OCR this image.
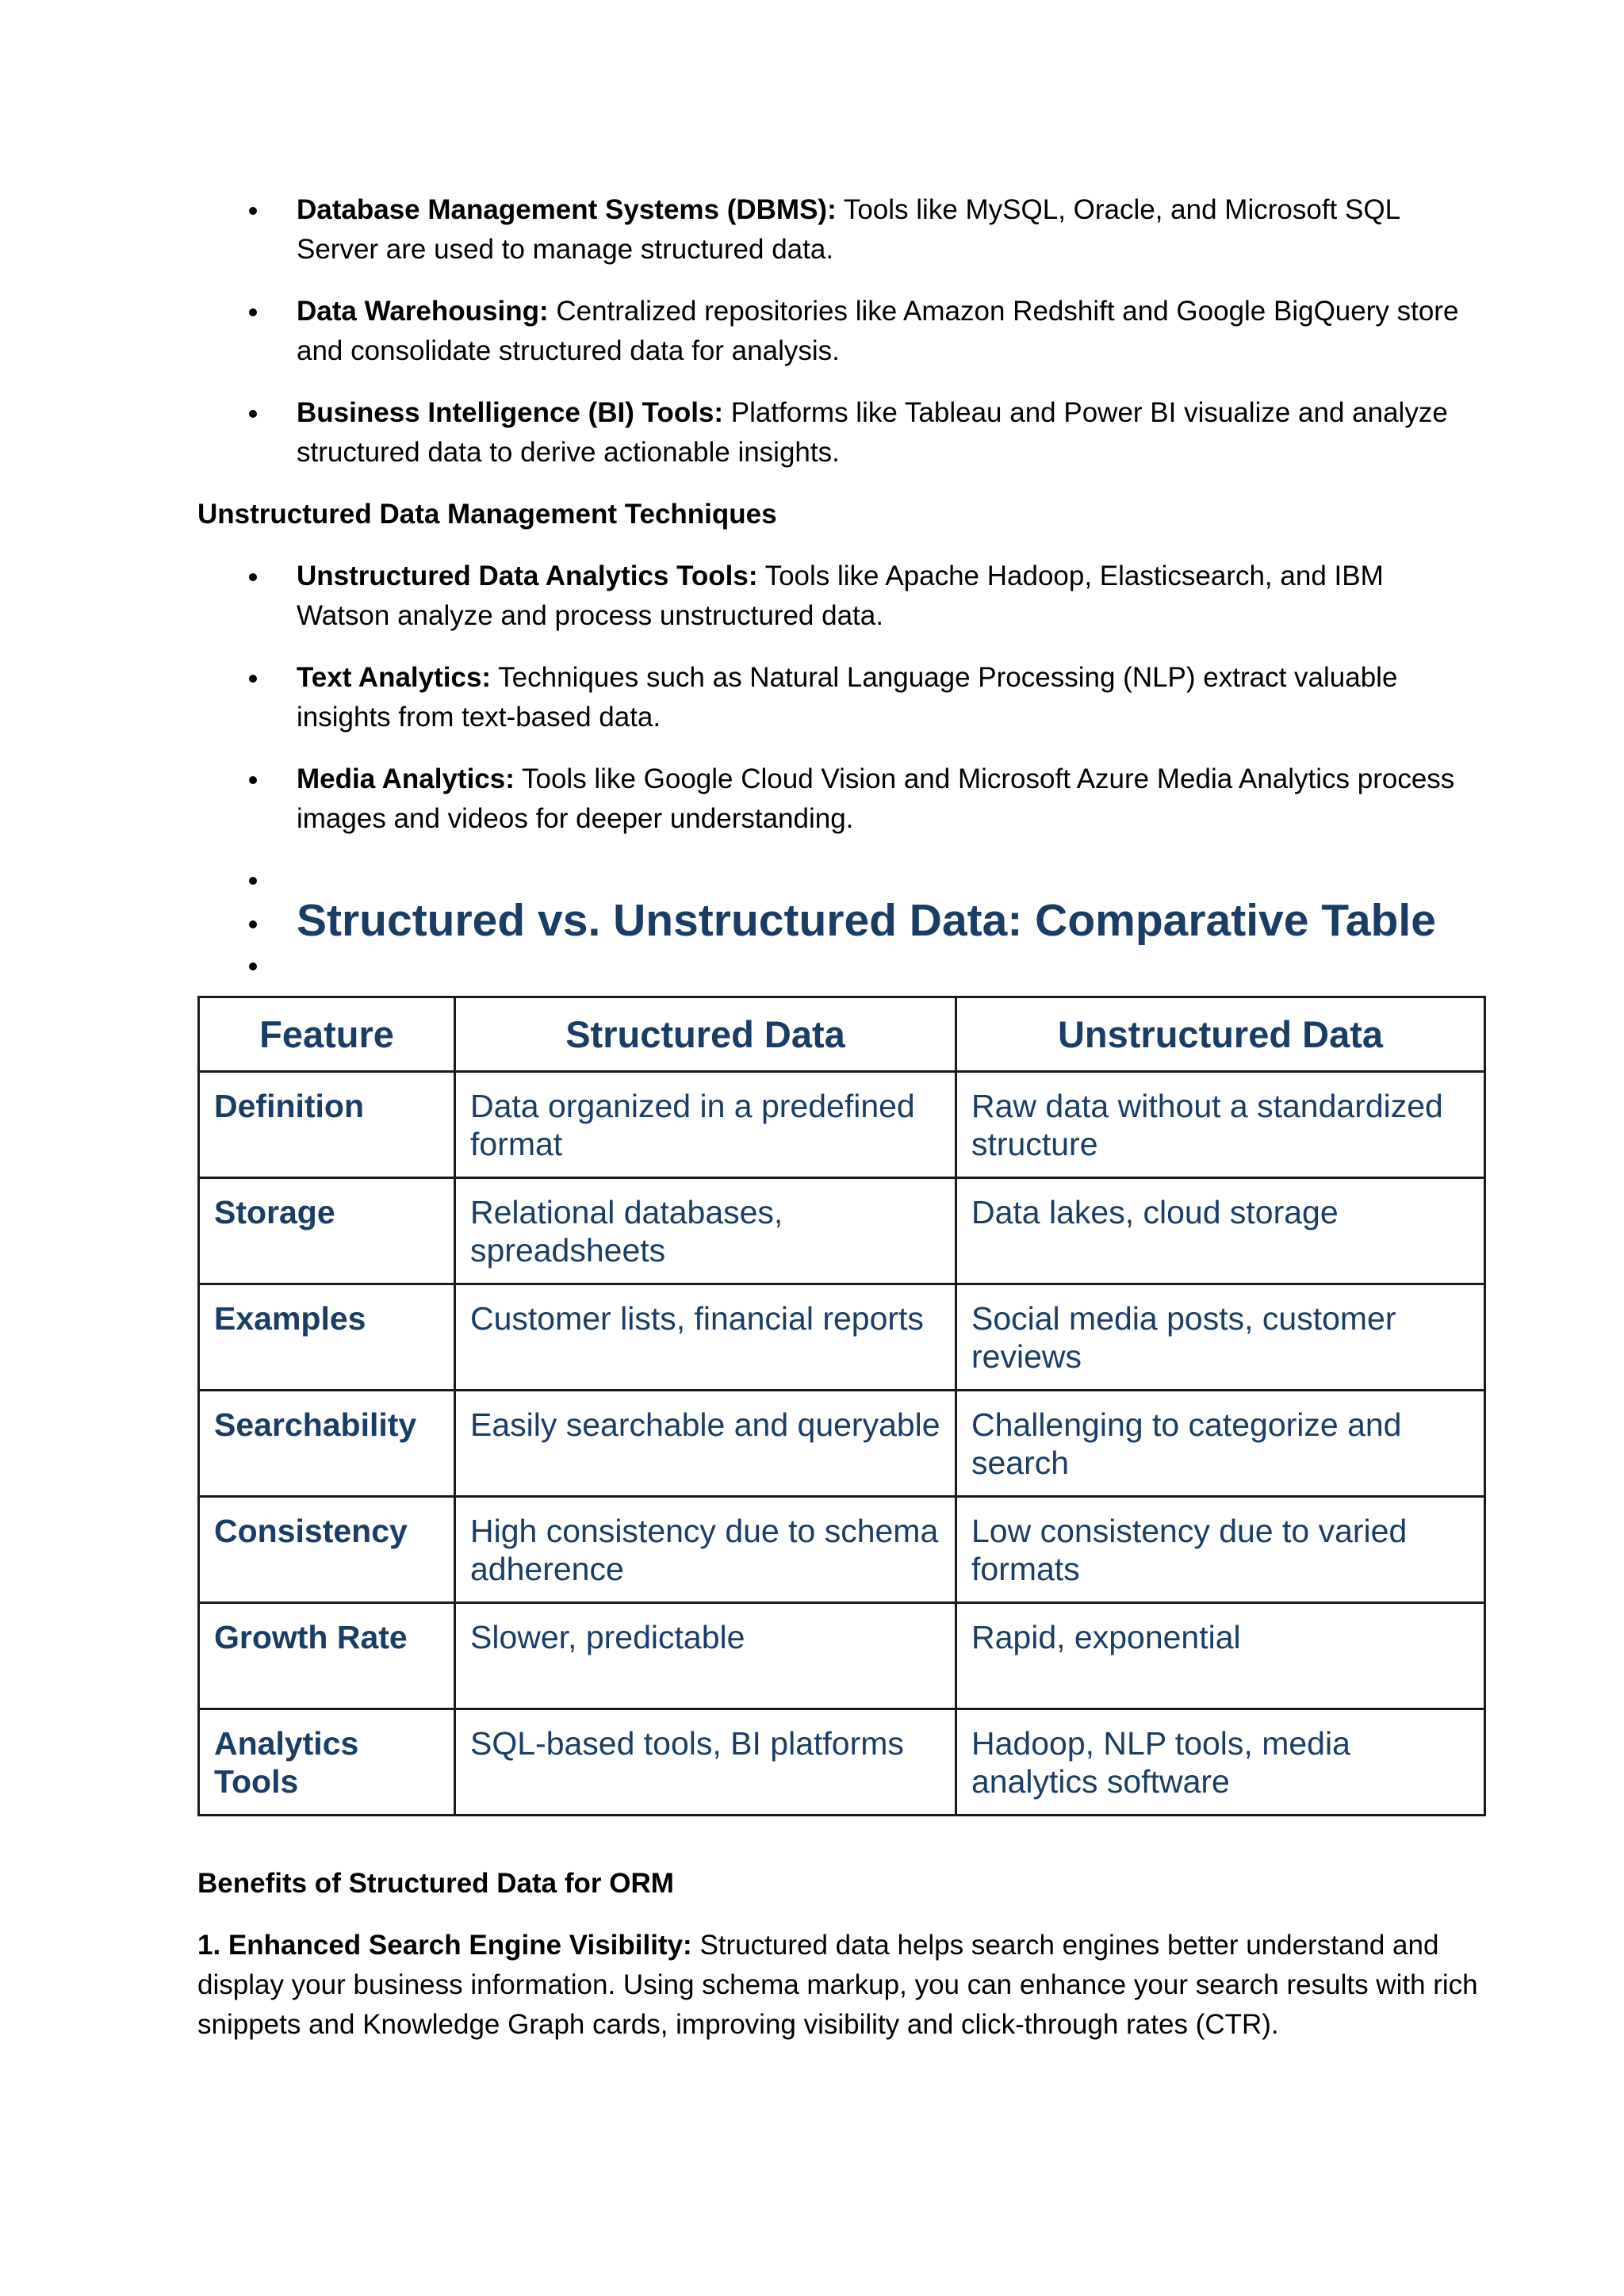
Database Management Systems (DBMS): Tools like MySQL, Oracle, and Microsoft SQL Server are used to manage structured data.
Data Warehousing: Centralized repositories like Amazon Redshift and Google BigQuery store and consolidate structured data for analysis.
Business Intelligence (BI) Tools: Platforms like Tableau and Power BI visualize and analyze structured data to derive actionable insights.

Unstructured Data Management Techniques

Unstructured Data Analytics Tools: Tools like Apache Hadoop, Elasticsearch, and IBM Watson analyze and process unstructured data.
Text Analytics: Techniques such as Natural Language Processing (NLP) extract valuable insights from text-based data.
Media Analytics: Tools like Google Cloud Vision and Microsoft Azure Media Analytics process images and videos for deeper understanding.
Structured vs. Unstructured Data: Comparative Table
Feature	Structured Data	Unstructured Data
Definition	Data organized in a predefined format	Raw data without a standardized structure
Storage	Relational databases, spreadsheets	Data lakes, cloud storage
Examples	Customer lists, financial reports	Social media posts, customer reviews
Searchability	Easily searchable and queryable	Challenging to categorize and search
Consistency	High consistency due to schema adherence	Low consistency due to varied formats
Growth Rate	Slower, predictable	Rapid, exponential
Analytics Tools	SQL-based tools, BI platforms	Hadoop, NLP tools, media analytics software

Benefits of Structured Data for ORM

1. Enhanced Search Engine Visibility: Structured data helps search engines better understand and display your business information. Using schema markup, you can enhance your search results with rich snippets and Knowledge Graph cards, improving visibility and click-through rates (CTR).
